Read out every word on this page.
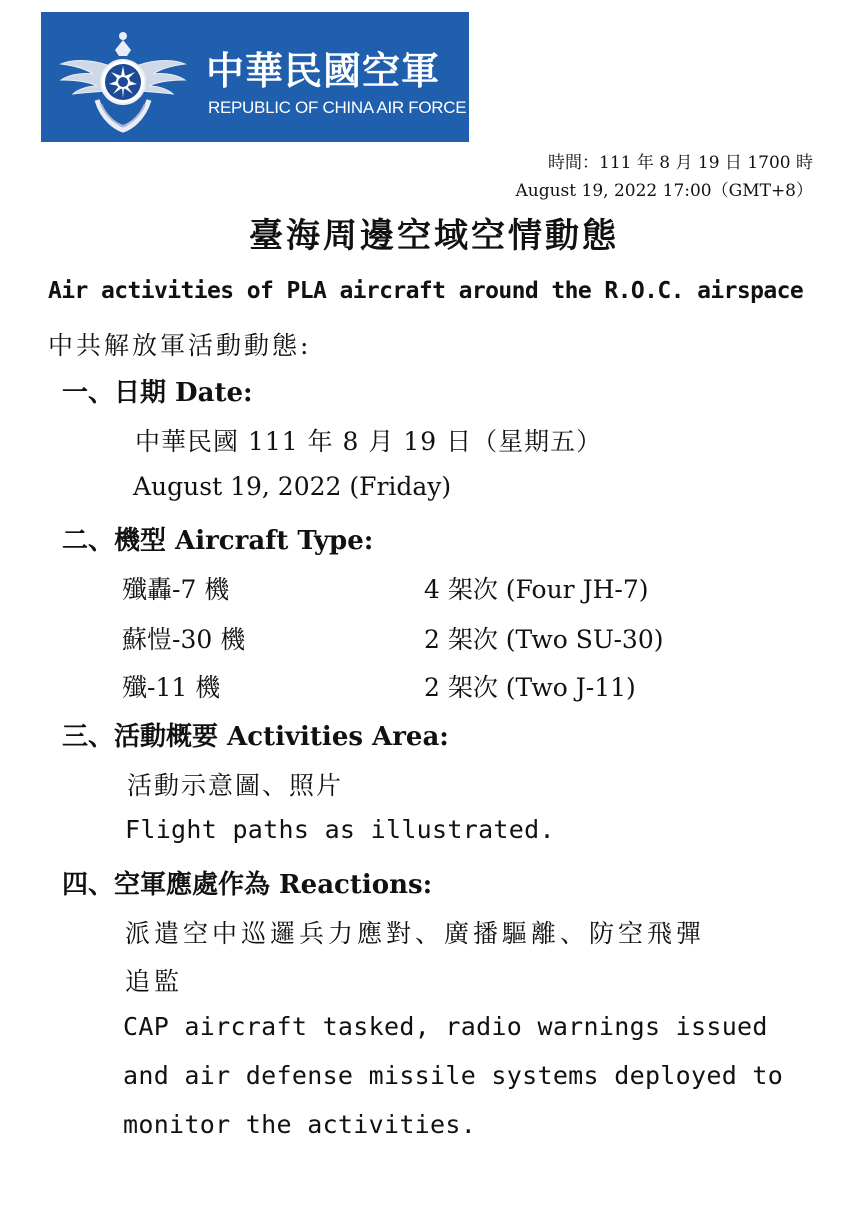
中華民國空軍
REPUBLIC OF CHINA AIR FORCE
時間：111 年 8 月 19 日 1700 時
August 19, 2022 17:00（GMT+8）
臺海周邊空域空情動態
Air activities of PLA aircraft around the R.O.C. airspace
中共解放軍活動動態:
一、日期 Date:
中華民國 111 年 8 月 19 日（星期五）
August 19, 2022 (Friday)
二、機型 Aircraft Type:
殲轟-7 機	4 架次 (Four JH-7)
蘇愷-30 機	2 架次 (Two SU-30)
殲-11 機	2 架次 (Two J-11)
三、活動概要 Activities Area:
活動示意圖、照片
Flight paths as illustrated.
四、空軍應處作為 Reactions:
派遣空中巡邏兵力應對、廣播驅離、防空飛彈
追監
CAP aircraft tasked, radio warnings issued
and air defense missile systems deployed to
monitor the activities.
